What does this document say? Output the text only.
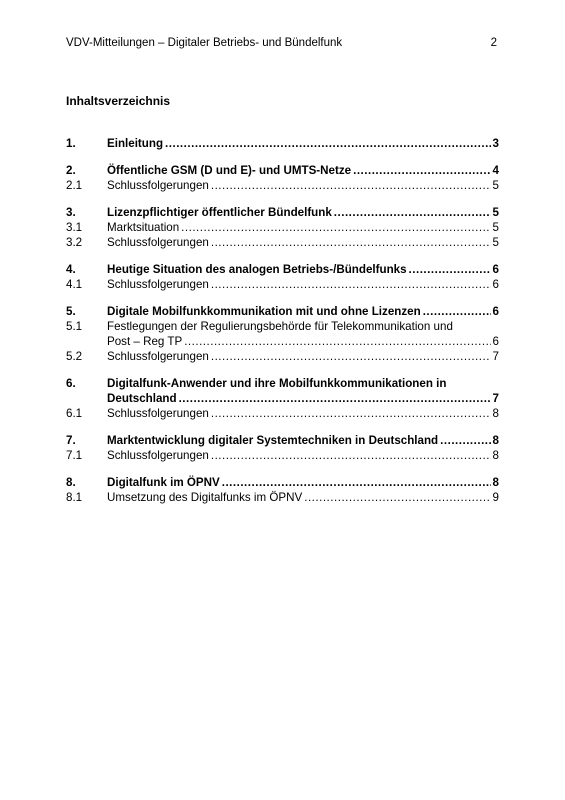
VDV-Mitteilungen – Digitaler Betriebs- und Bündelfunk	2
Inhaltsverzeichnis
1.	Einleitung .....	3
2.	Öffentliche GSM (D und E)- und UMTS-Netze .....	4
2.1	Schlussfolgerungen .....	5
3.	Lizenzpflichtiger öffentlicher Bündelfunk .....	5
3.1	Marktsituation .....	5
3.2	Schlussfolgerungen .....	5
4.	Heutige Situation des analogen Betriebs-/Bündelfunks .....	6
4.1	Schlussfolgerungen .....	6
5.	Digitale Mobilfunkkommunikation mit und ohne Lizenzen .....	6
5.1	Festlegungen der Regulierungsbehörde für Telekommunikation und
Post – Reg TP .....	6
5.2	Schlussfolgerungen .....	7
6.	Digitalfunk-Anwender und ihre Mobilfunkkommunikationen in
Deutschland .....	7
6.1	Schlussfolgerungen .....	8
7.	Marktentwicklung digitaler Systemtechniken in Deutschland .....	8
7.1	Schlussfolgerungen .....	8
8.	Digitalfunk im ÖPNV .....	8
8.1	Umsetzung des Digitalfunks im ÖPNV .....	9
